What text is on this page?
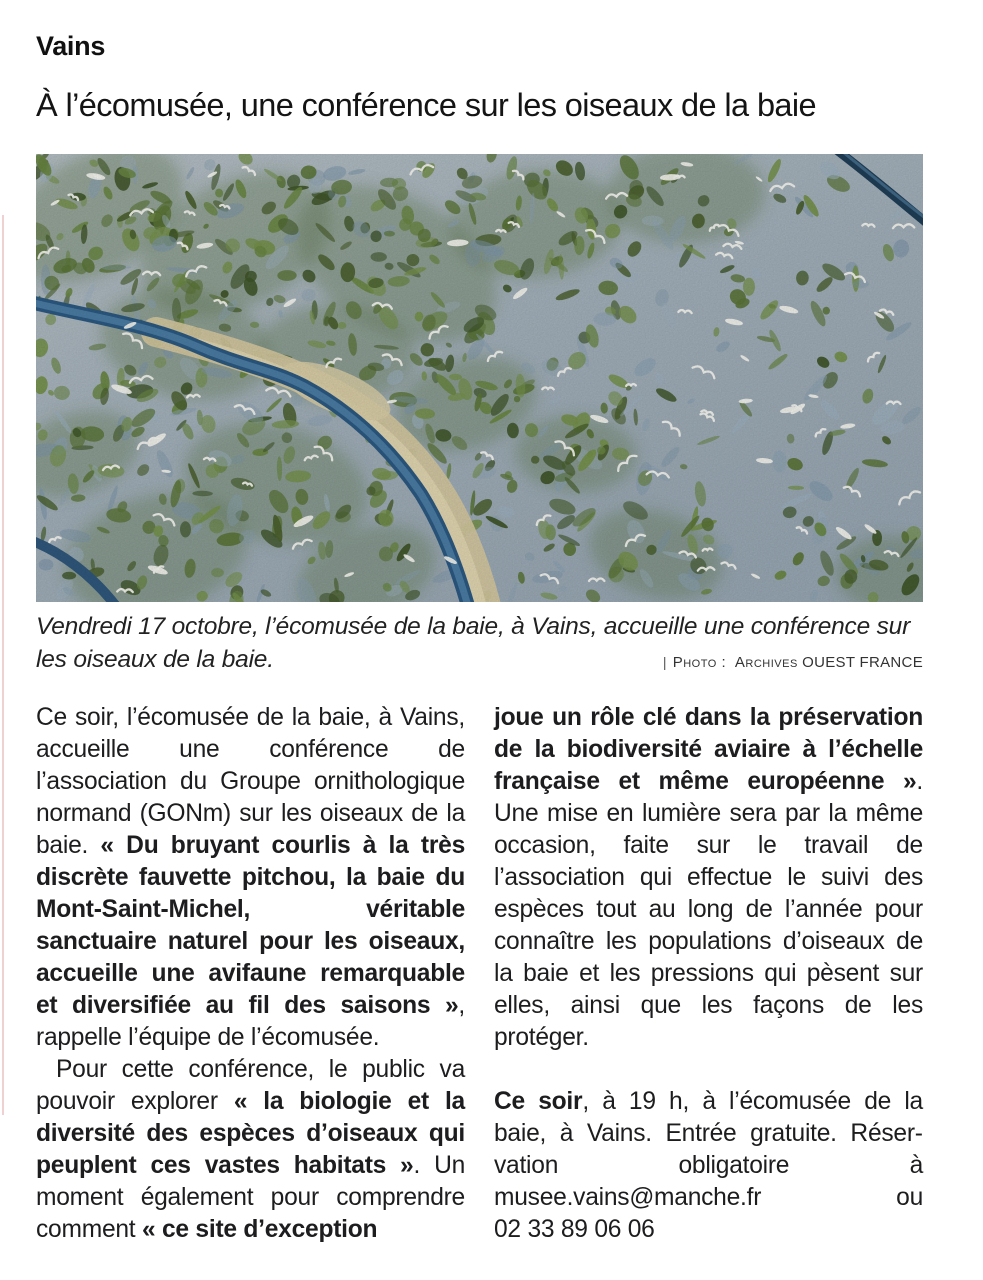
Vains
À l’écomusée, une conférence sur les oiseaux de la baie

Vendredi 17 octobre, l’écomusée de la baie, à Vains, accueille une conférence sur les oiseaux de la baie.	| Photo : Archives OUEST FRANCE

Ce soir, l’écomusée de la baie, à Vains, accueille une conférence de l’association du Groupe ornithologique normand (GONm) sur les oiseaux de la baie. « Du bruyant courlis à la très discrète fauvette pitchou, la baie du Mont-Saint-Michel, véritable sanctuaire naturel pour les oiseaux, accueille une avifaune remarquable et diversifiée au fil des saisons », rappelle l’équipe de l’écomusée.

Pour cette conférence, le public va pouvoir explorer « la biologie et la diversité des espèces d’oiseaux qui peuplent ces vastes habitats ». Un moment également pour comprendre comment « ce site d’exception

joue un rôle clé dans la préservation de la biodiversité aviaire à l’échelle française et même européenne ». Une mise en lumière sera par la même occasion, faite sur le travail de l’association qui effectue le suivi des espèces tout au long de l’année pour connaître les populations d’oiseaux de la baie et les pressions qui pèsent sur elles, ainsi que les façons de les protéger.

Ce soir, à 19 h, à l’écomusée de la baie, à Vains. Entrée gratuite. Réservation obligatoire à musee.vains@manche.fr ou 02 33 89 06 06
